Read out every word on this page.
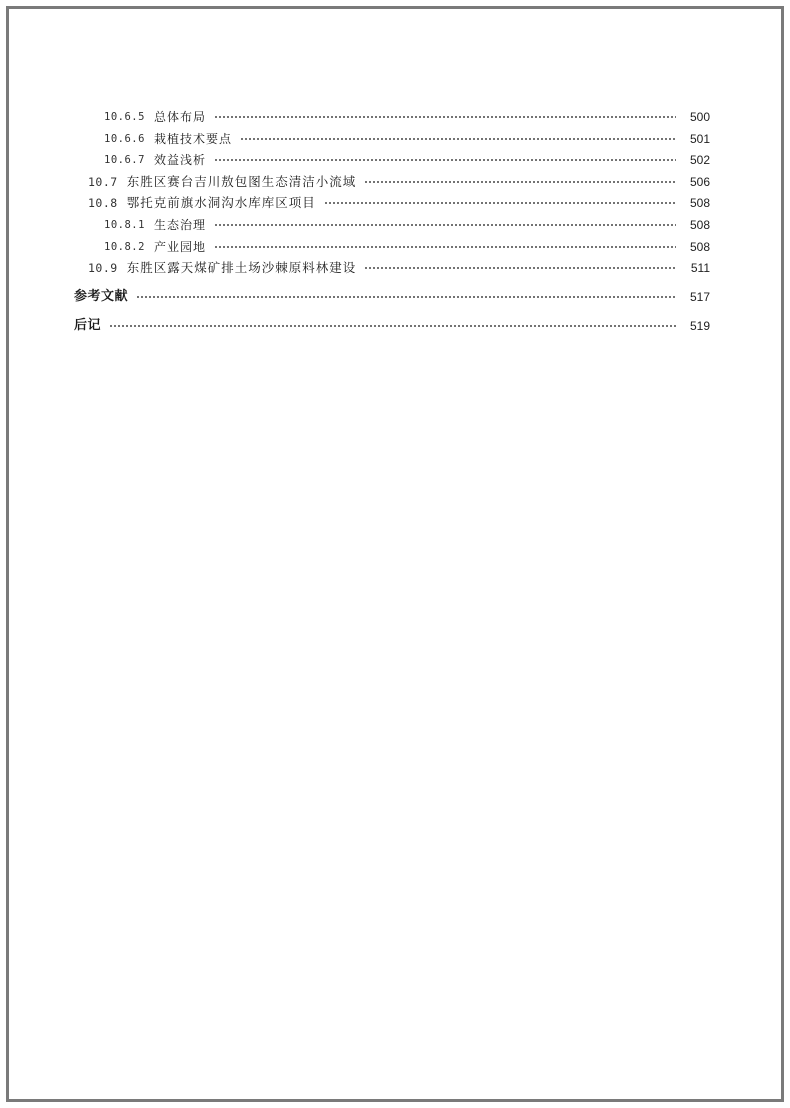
10.6.5 总体布局	500
10.6.6 栽植技术要点	501
10.6.7 效益浅析	502
10.7 东胜区赛台吉川敖包图生态清洁小流域	506
10.8 鄂托克前旗水洞沟水库库区项目	508
10.8.1 生态治理	508
10.8.2 产业园地	508
10.9 东胜区露天煤矿排土场沙棘原料林建设	511
参考文献	517
后记	519
